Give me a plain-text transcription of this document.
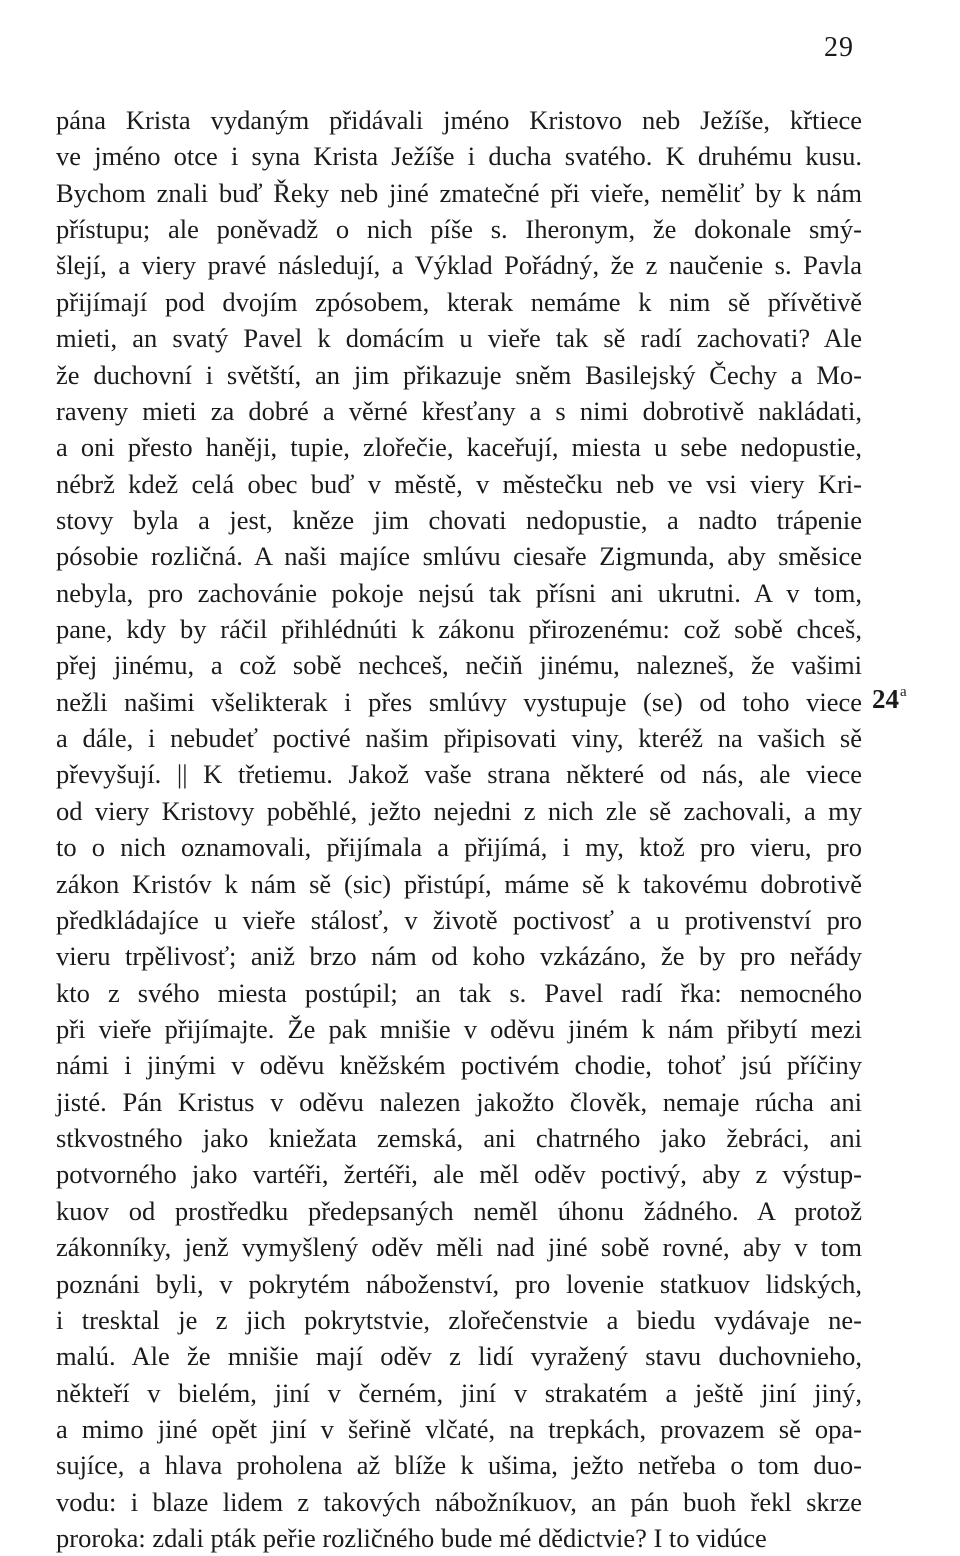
29
24$^a$
pána Krista vydaným přidávali jméno Kristovo neb Ježíše, křtiece
ve jméno otce i syna Krista Ježíše i ducha svatého. K druhému kusu.
Bychom znali buď Řeky neb jiné zmatečné při vieře, neměliť by k nám
přístupu; ale poněvadž o nich píše s. Iheronym, že dokonale smý-
šlejí, a viery pravé následují, a Výklad Pořádný, že z naučenie s. Pavla
přijímají pod dvojím zpósobem, kterak nemáme k nim sě přívětivě
mieti, an svatý Pavel k domácím u vieře tak sě radí zachovati? Ale
že duchovní i světští, an jim přikazuje sněm Basilejský Čechy a Mo-
raveny mieti za dobré a věrné křesťany a s nimi dobrotivě nakládati,
a oni přesto haněji, tupie, zlořečie, kaceřují, miesta u sebe nedopustie,
nébrž kdež celá obec buď v městě, v městečku neb ve vsi viery Kri-
stovy byla a jest, kněze jim chovati nedopustie, a nadto trápenie
pósobie rozličná. A naši majíce smlúvu ciesaře Zigmunda, aby směsice
nebyla, pro zachovánie pokoje nejsú tak přísni ani ukrutni. A v tom,
pane, kdy by ráčil přihlédnúti k zákonu přirozenému: což sobě chceš,
přej jinému, a což sobě nechceš, nečiň jinému, nalezneš, že vašimi
nežli našimi všelikterak i přes smlúvy vystupuje (se) od toho viece
a dále, i nebudeť poctivé našim připisovati viny, kteréž na vašich sě
převyšují. || K třetiemu. Jakož vaše strana některé od nás, ale viece
od viery Kristovy poběhlé, ježto nejedni z nich zle sě zachovali, a my
to o nich oznamovali, přijímala a přijímá, i my, ktož pro vieru, pro
zákon Kristóv k nám sě (sic) přistúpí, máme sě k takovému dobrotivě
předkládajíce u vieře stálosť, v životě poctivosť a u protivenství pro
vieru trpělivosť; aniž brzo nám od koho vzkázáno, že by pro neřády
kto z svého miesta postúpil; an tak s. Pavel radí řka: nemocného
při vieře přijímajte. Že pak mnišie v oděvu jiném k nám přibytí mezi
námi i jinými v oděvu kněžském poctivém chodie, tohoť jsú příčiny
jisté. Pán Kristus v oděvu nalezen jakožto člověk, nemaje rúcha ani
stkvostného jako kniežata zemská, ani chatrného jako žebráci, ani
potvorného jako vartéři, žertéři, ale měl oděv poctivý, aby z výstup-
kuov od prostředku předepsaných neměl úhonu žádného. A protož
zákonníky, jenž vymyšlený oděv měli nad jiné sobě rovné, aby v tom
poznáni byli, v pokrytém náboženství, pro lovenie statkuov lidských,
i tresktal je z jich pokrytstvie, zlořečenstvie a biedu vydávaje ne-
malú. Ale že mnišie mají oděv z lidí vyražený stavu duchovnieho,
někteří v bielém, jiní v černém, jiní v strakatém a ještě jiní jiný,
a mimo jiné opět jiní v šeřině vlčaté, na trepkách, provazem sě opa-
sujíce, a hlava proholena až blíže k ušima, ježto netřeba o tom duo-
vodu: i blaze lidem z takových nábožníkuov, an pán buoh řekl skrze
proroka: zdali pták peřie rozličného bude mé dědictvie? I to vidúce
